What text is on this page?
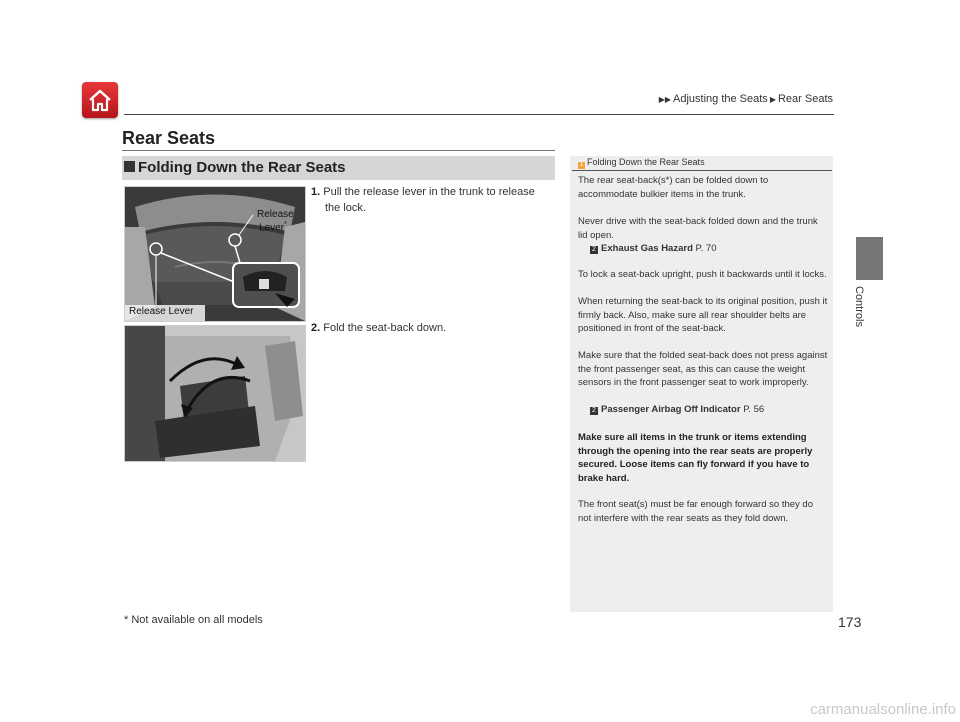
▶▶ Adjusting the Seats ▶ Rear Seats
Controls
Rear Seats
Folding Down the Rear Seats
Release
Lever*
Release Lever
1. Pull the release lever in the trunk to release
the lock.
2. Fold the seat-back down.
1 Folding Down the Rear Seats
The rear seat-back(s*) can be folded down to accommodate bulkier items in the trunk.
Never drive with the seat-back folded down and the trunk lid open.
2 Exhaust Gas Hazard P. 70
To lock a seat-back upright, push it backwards until it locks.
When returning the seat-back to its original position, push it firmly back. Also, make sure all rear shoulder belts are positioned in front of the seat-back.
Make sure that the folded seat-back does not press against the front passenger seat, as this can cause the weight sensors in the front passenger seat to work improperly.
2 Passenger Airbag Off Indicator P. 56
Make sure all items in the trunk or items extending through the opening into the rear seats are properly secured. Loose items can fly forward if you have to brake hard.
The front seat(s) must be far enough forward so they do not interfere with the rear seats as they fold down.
* Not available on all models	173
carmanualsonline.info
